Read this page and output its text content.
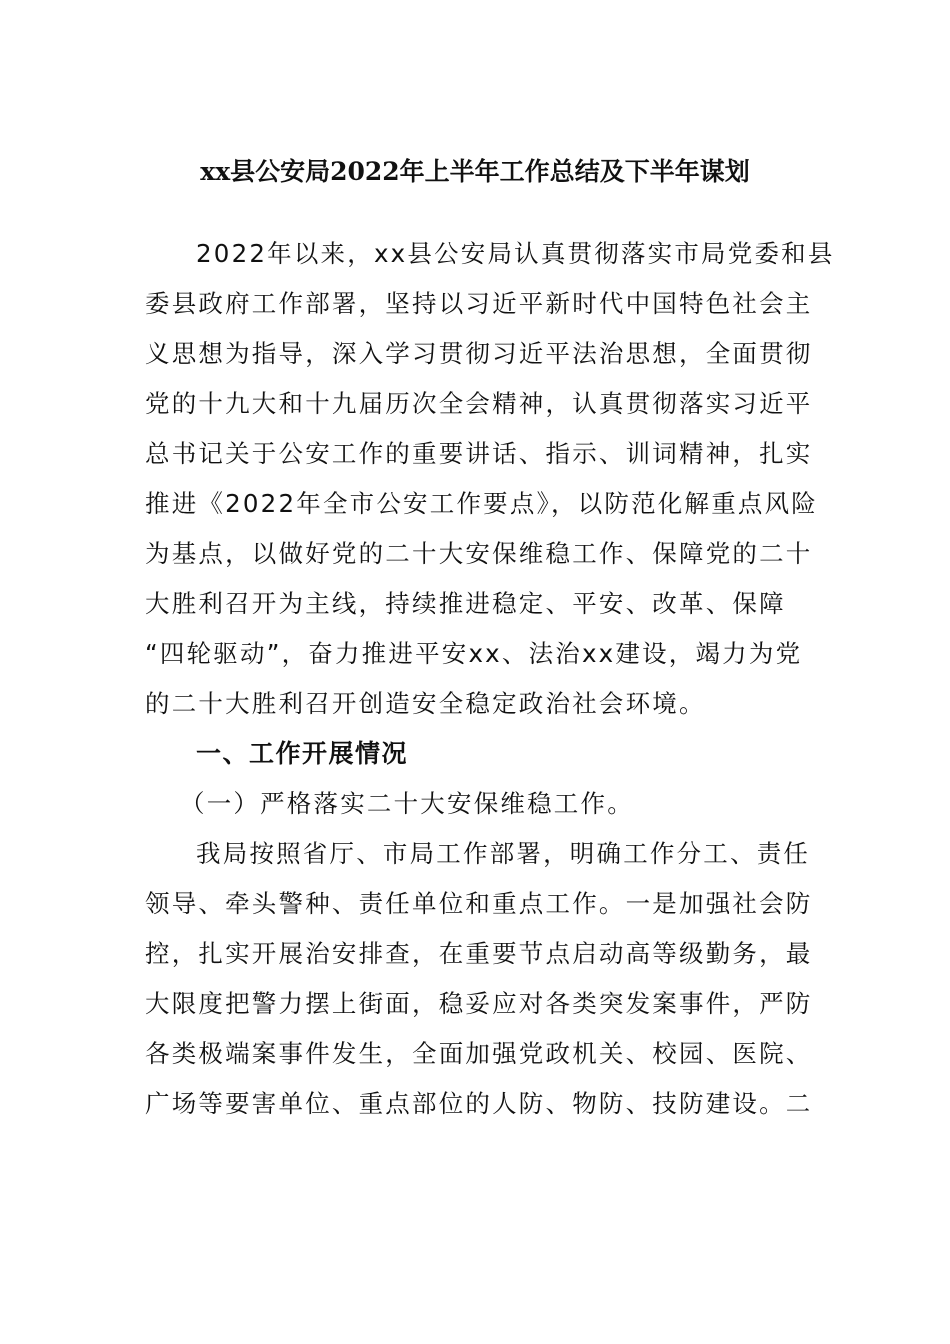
xx县公安局2022年上半年工作总结及下半年谋划
2022年以来，xx县公安局认真贯彻落实市局党委和县
委县政府工作部署，坚持以习近平新时代中国特色社会主
义思想为指导，深入学习贯彻习近平法治思想，全面贯彻
党的十九大和十九届历次全会精神，认真贯彻落实习近平
总书记关于公安工作的重要讲话、指示、训词精神，扎实
推进《2022年全市公安工作要点》，以防范化解重点风险
为基点，以做好党的二十大安保维稳工作、保障党的二十
大胜利召开为主线，持续推进稳定、平安、改革、保障
“四轮驱动”，奋力推进平安xx、法治xx建设，竭力为党
的二十大胜利召开创造安全稳定政治社会环境。
一、工作开展情况
（一）严格落实二十大安保维稳工作。
我局按照省厅、市局工作部署，明确工作分工、责任
领导、牵头警种、责任单位和重点工作。一是加强社会防
控，扎实开展治安排查，在重要节点启动高等级勤务，最
大限度把警力摆上街面，稳妥应对各类突发案事件，严防
各类极端案事件发生，全面加强党政机关、校园、医院、
广场等要害单位、重点部位的人防、物防、技防建设。二
